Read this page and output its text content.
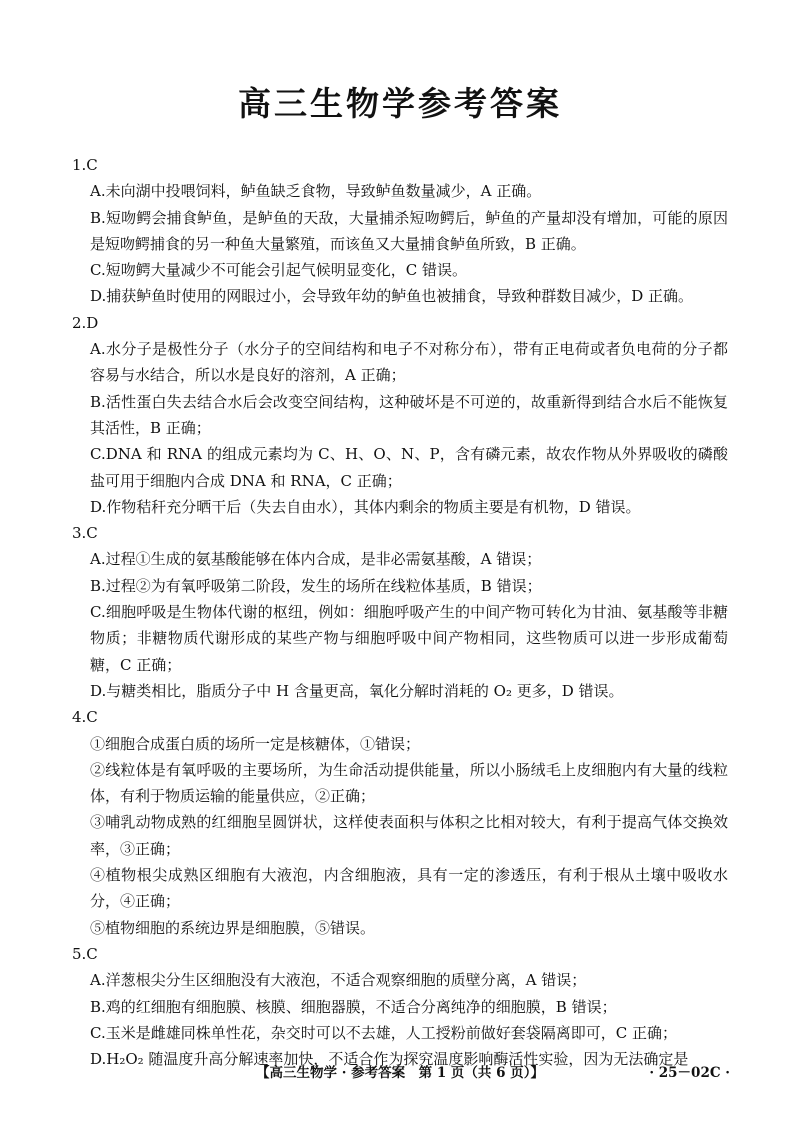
高三生物学参考答案
1.C
A.未向湖中投喂饲料，鲈鱼缺乏食物，导致鲈鱼数量减少，A 正确。
B.短吻鳄会捕食鲈鱼，是鲈鱼的天敌，大量捕杀短吻鳄后，鲈鱼的产量却没有增加，可能的原因是短吻鳄捕食的另一种鱼大量繁殖，而该鱼又大量捕食鲈鱼所致，B 正确。
C.短吻鳄大量减少不可能会引起气候明显变化，C 错误。
D.捕获鲈鱼时使用的网眼过小，会导致年幼的鲈鱼也被捕食，导致种群数目减少，D 正确。
2.D
A.水分子是极性分子（水分子的空间结构和电子不对称分布），带有正电荷或者负电荷的分子都容易与水结合，所以水是良好的溶剂，A 正确；
B.活性蛋白失去结合水后会改变空间结构，这种破坏是不可逆的，故重新得到结合水后不能恢复其活性，B 正确；
C.DNA 和 RNA 的组成元素均为 C、H、O、N、P，含有磷元素，故农作物从外界吸收的磷酸盐可用于细胞内合成 DNA 和 RNA，C 正确；
D.作物秸秆充分晒干后（失去自由水），其体内剩余的物质主要是有机物，D 错误。
3.C
A.过程①生成的氨基酸能够在体内合成，是非必需氨基酸，A 错误；
B.过程②为有氧呼吸第二阶段，发生的场所在线粒体基质，B 错误；
C.细胞呼吸是生物体代谢的枢纽，例如：细胞呼吸产生的中间产物可转化为甘油、氨基酸等非糖物质；非糖物质代谢形成的某些产物与细胞呼吸中间产物相同，这些物质可以进一步形成葡萄糖，C 正确；
D.与糖类相比，脂质分子中 H 含量更高，氧化分解时消耗的 O₂ 更多，D 错误。
4.C
①细胞合成蛋白质的场所一定是核糖体，①错误；
②线粒体是有氧呼吸的主要场所，为生命活动提供能量，所以小肠绒毛上皮细胞内有大量的线粒体，有利于物质运输的能量供应，②正确；
③哺乳动物成熟的红细胞呈圆饼状，这样使表面积与体积之比相对较大，有利于提高气体交换效率，③正确；
④植物根尖成熟区细胞有大液泡，内含细胞液，具有一定的渗透压，有利于根从土壤中吸收水分，④正确；
⑤植物细胞的系统边界是细胞膜，⑤错误。
5.C
A.洋葱根尖分生区细胞没有大液泡，不适合观察细胞的质壁分离，A 错误；
B.鸡的红细胞有细胞膜、核膜、细胞器膜，不适合分离纯净的细胞膜，B 错误；
C.玉米是雌雄同株单性花，杂交时可以不去雄，人工授粉前做好套袋隔离即可，C 正确；
D.H₂O₂ 随温度升高分解速率加快，不适合作为探究温度影响酶活性实验，因为无法确定是
【高三生物学 · 参考答案　第 1 页（共 6 页）】	· 25－02C ·
